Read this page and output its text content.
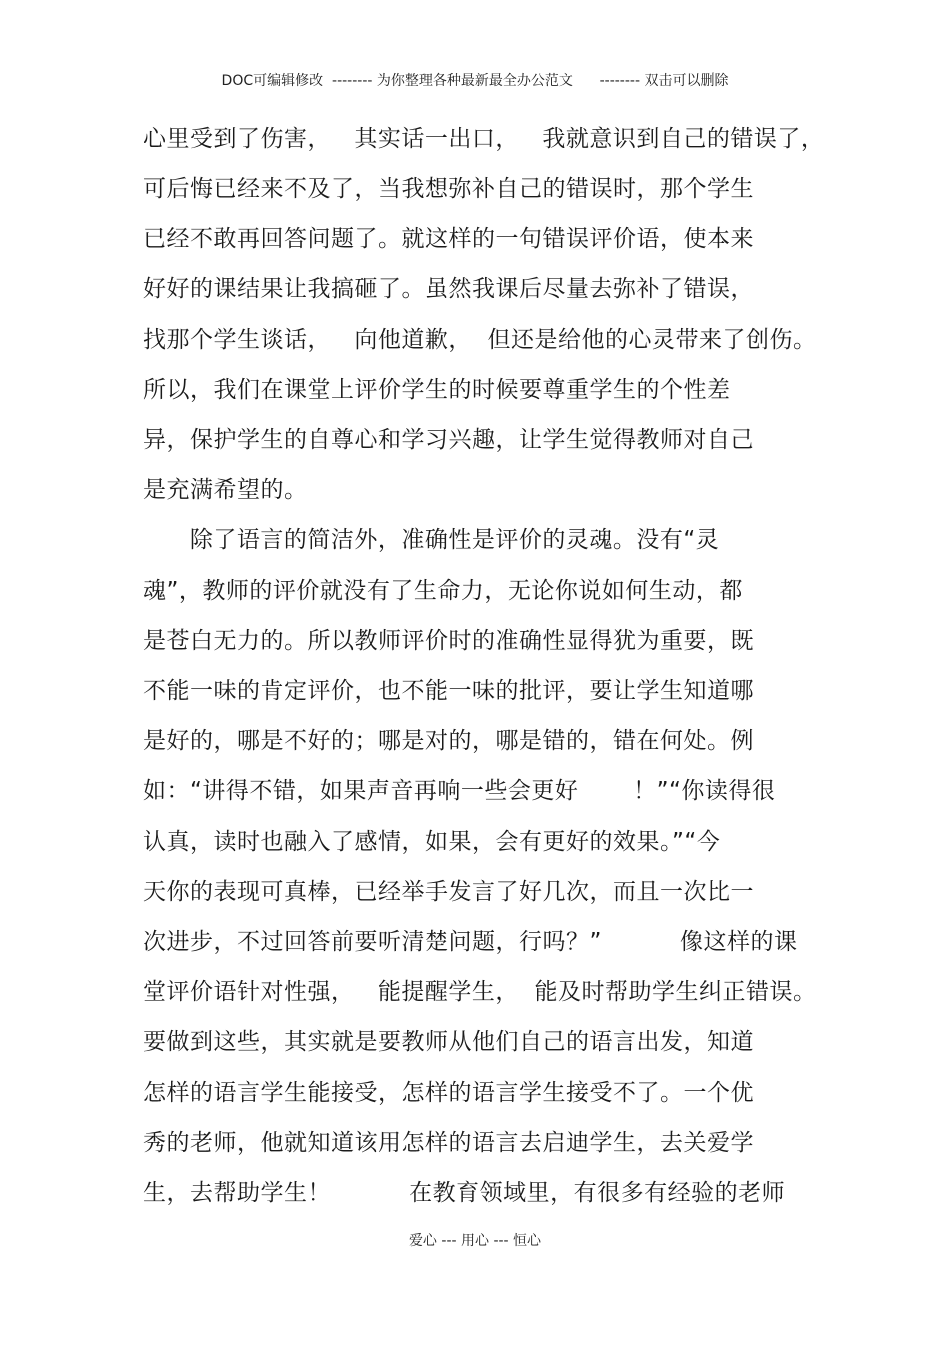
DOC可编辑修改  -------- 为你整理各种最新最全办公范文      -------- 双击可以删除
心里受到了伤害，   其实话一出口，   我就意识到自己的错误了，
可后悔已经来不及了，当我想弥补自己的错误时，那个学生
已经不敢再回答问题了。就这样的一句错误评价语，使本来
好好的课结果让我搞砸了。虽然我课后尽量去弥补了错误，
找那个学生谈话，   向他道歉，  但还是给他的心灵带来了创伤。
所以，我们在课堂上评价学生的时候要尊重学生的个性差
异，保护学生的自尊心和学习兴趣，让学生觉得教师对自己
是充满希望的。
除了语言的简洁外，准确性是评价的灵魂。没有“灵
魂”，教师的评价就没有了生命力，无论你说如何生动，都
是苍白无力的。所以教师评价时的准确性显得犹为重要，既
不能一味的肯定评价，也不能一味的批评，要让学生知道哪
是好的，哪是不好的；哪是对的，哪是错的，错在何处。例
如：“讲得不错，如果声音再响一些会更好       ！”“你读得很
认真，读时也融入了感情，如果，会有更好的效果。”“今
天你的表现可真棒，已经举手发言了好几次，而且一次比一
次进步，不过回答前要听清楚问题，行吗？”          像这样的课
堂评价语针对性强，   能提醒学生，  能及时帮助学生纠正错误。
要做到这些，其实就是要教师从他们自己的语言出发，知道
怎样的语言学生能接受，怎样的语言学生接受不了。一个优
秀的老师，他就知道该用怎样的语言去启迪学生，去关爱学
生，去帮助学生！          在教育领域里，有很多有经验的老师
爱心 --- 用心 --- 恒心
